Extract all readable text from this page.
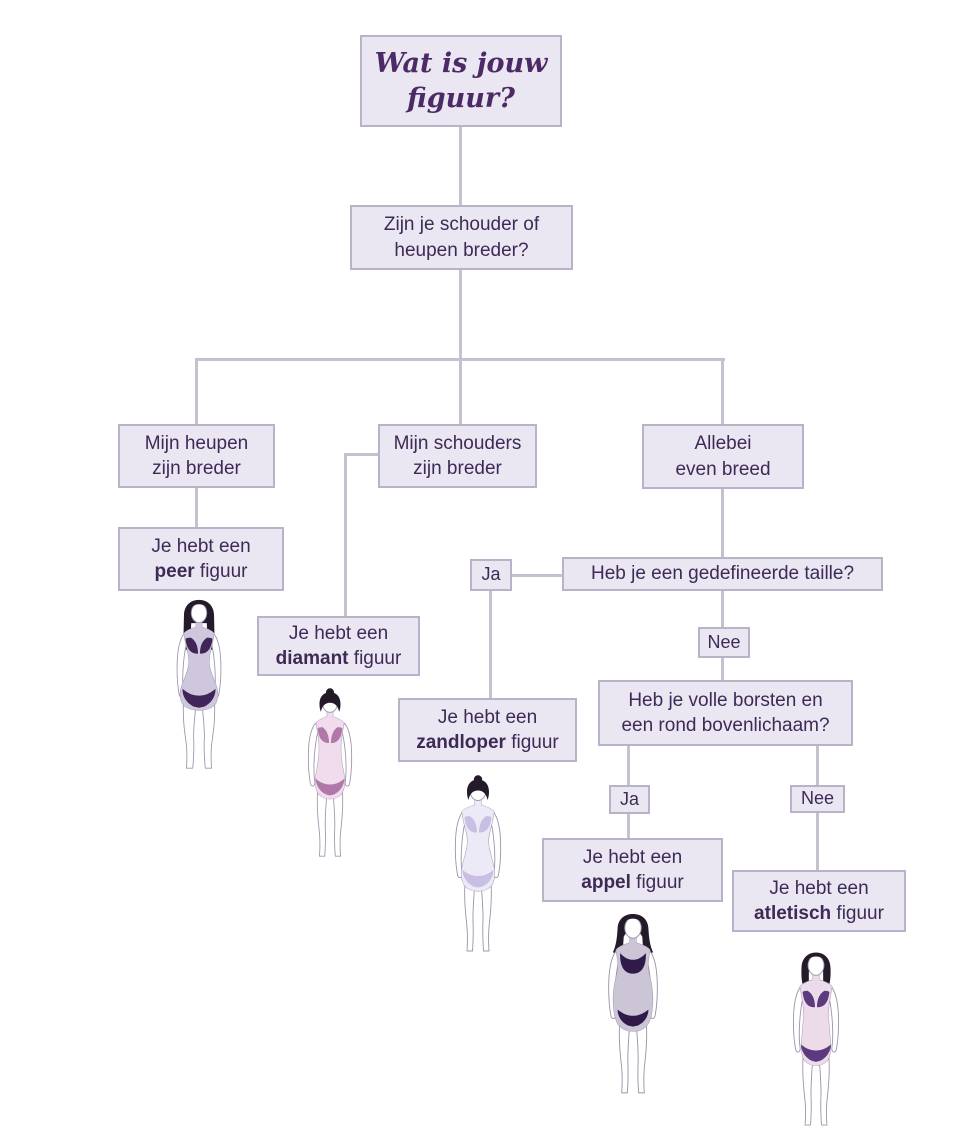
Wat is jouw
figuur?
Zijn je schouder of
heupen breder?
Mijn heupen
zijn breder
Mijn schouders
zijn breder
Allebei
even breed
Je hebt een
peer figuur
Je hebt een
diamant figuur
Ja	Heb je een gedefineerde taille?
Nee
Heb je volle borsten en
een rond bovenlichaam?
Je hebt een
zandloper figuur
Ja	Nee
Je hebt een
appel figuur	Je hebt een
atletisch figuur
